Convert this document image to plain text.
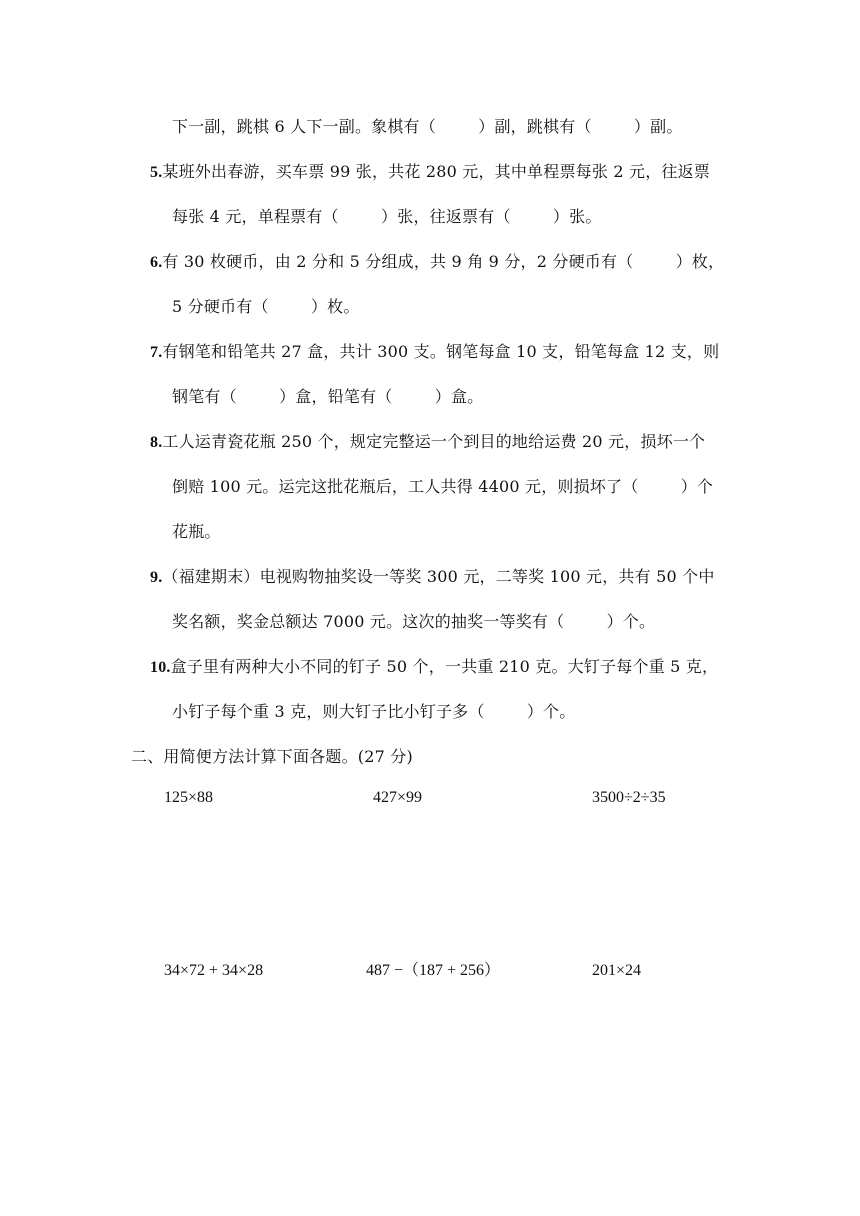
下一副，跳棋 6 人下一副。象棋有（        ）副，跳棋有（        ）副。
5.某班外出春游，买车票 99 张，共花 280 元，其中单程票每张 2 元，往返票
每张 4 元，单程票有（        ）张，往返票有（        ）张。
6.有 30 枚硬币，由 2 分和 5 分组成，共 9 角 9 分，2 分硬币有（        ）枚，
5 分硬币有（        ）枚。
7.有钢笔和铅笔共 27 盒，共计 300 支。钢笔每盒 10 支，铅笔每盒 12 支，则
钢笔有（        ）盒，铅笔有（        ）盒。
8.工人运青瓷花瓶 250 个，规定完整运一个到目的地给运费 20 元，损坏一个
倒赔 100 元。运完这批花瓶后，工人共得 4400 元，则损坏了（        ）个
花瓶。
9.（福建期末）电视购物抽奖设一等奖 300 元，二等奖 100 元，共有 50 个中
奖名额，奖金总额达 7000 元。这次的抽奖一等奖有（        ）个。
10.盒子里有两种大小不同的钉子 50 个，一共重 210 克。大钉子每个重 5 克，
小钉子每个重 3 克，则大钉子比小钉子多（        ）个。
二、用简便方法计算下面各题。(27 分)
125×88	427×99	3500÷2÷35
34×72 + 34×28	487 −（187 + 256）	201×24
